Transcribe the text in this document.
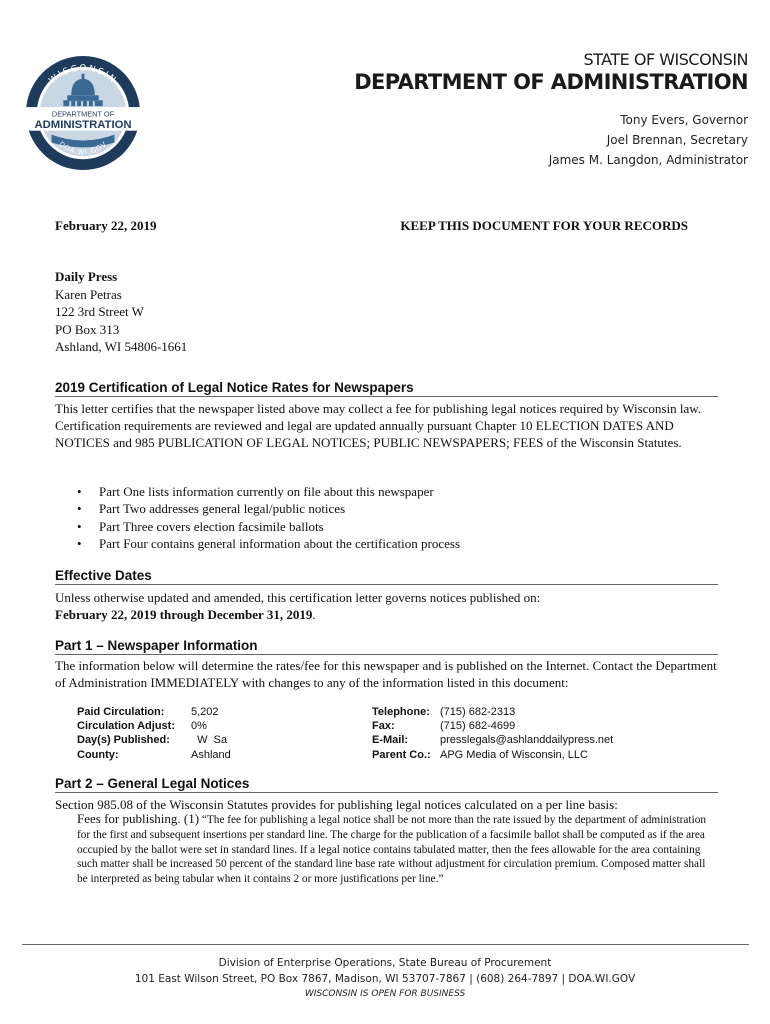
WISCONSIN
DEPARTMENT OF
ADMINISTRATION
DOA.WI.GOV
STATE OF WISCONSIN
DEPARTMENT OF ADMINISTRATION
Tony Evers, Governor
Joel Brennan, Secretary
James M. Langdon, Administrator
February 22, 2019	KEEP THIS DOCUMENT FOR YOUR RECORDS
Daily Press
Karen Petras
122 3rd Street W
PO Box 313
Ashland, WI 54806-1661
2019 Certification of Legal Notice Rates for Newspapers
This letter certifies that the newspaper listed above may collect a fee for publishing legal notices required by Wisconsin law. Certification requirements are reviewed and legal are updated annually pursuant Chapter 10 ELECTION DATES AND NOTICES and 985 PUBLICATION OF LEGAL NOTICES; PUBLIC NEWSPAPERS; FEES of the Wisconsin Statutes.
• Part One lists information currently on file about this newspaper
• Part Two addresses general legal/public notices
• Part Three covers election facsimile ballots
• Part Four contains general information about the certification process
Effective Dates
Unless otherwise updated and amended, this certification letter governs notices published on:
February 22, 2019 through December 31, 2019.
Part 1 – Newspaper Information
The information below will determine the rates/fee for this newspaper and is published on the Internet. Contact the Department of Administration IMMEDIATELY with changes to any of the information listed in this document:
Paid Circulation: 5,202
Circulation Adjust: 0%
Day(s) Published: W  Sa
County:	Ashland
Telephone: (715) 682-2313
Fax:	(715) 682-4699
E-Mail:	presslegals@ashlanddailypress.net
Parent Co.: APG Media of Wisconsin, LLC
Part 2 – General Legal Notices
Section 985.08 of the Wisconsin Statutes provides for publishing legal notices calculated on a per line basis:
Fees for publishing. (1) “The fee for publishing a legal notice shall be not more than the rate issued by the department of administration for the first and subsequent insertions per standard line. The charge for the publication of a facsimile ballot shall be computed as if the area occupied by the ballot were set in standard lines. If a legal notice contains tabulated matter, then the fees allowable for the area containing such matter shall be increased 50 percent of the standard line base rate without adjustment for circulation premium. Composed matter shall be interpreted as being tabular when it contains 2 or more justifications per line.”
Division of Enterprise Operations, State Bureau of Procurement
101 East Wilson Street, PO Box 7867, Madison, WI 53707-7867 | (608) 264-7897 | DOA.WI.GOV
WISCONSIN IS OPEN FOR BUSINESS
